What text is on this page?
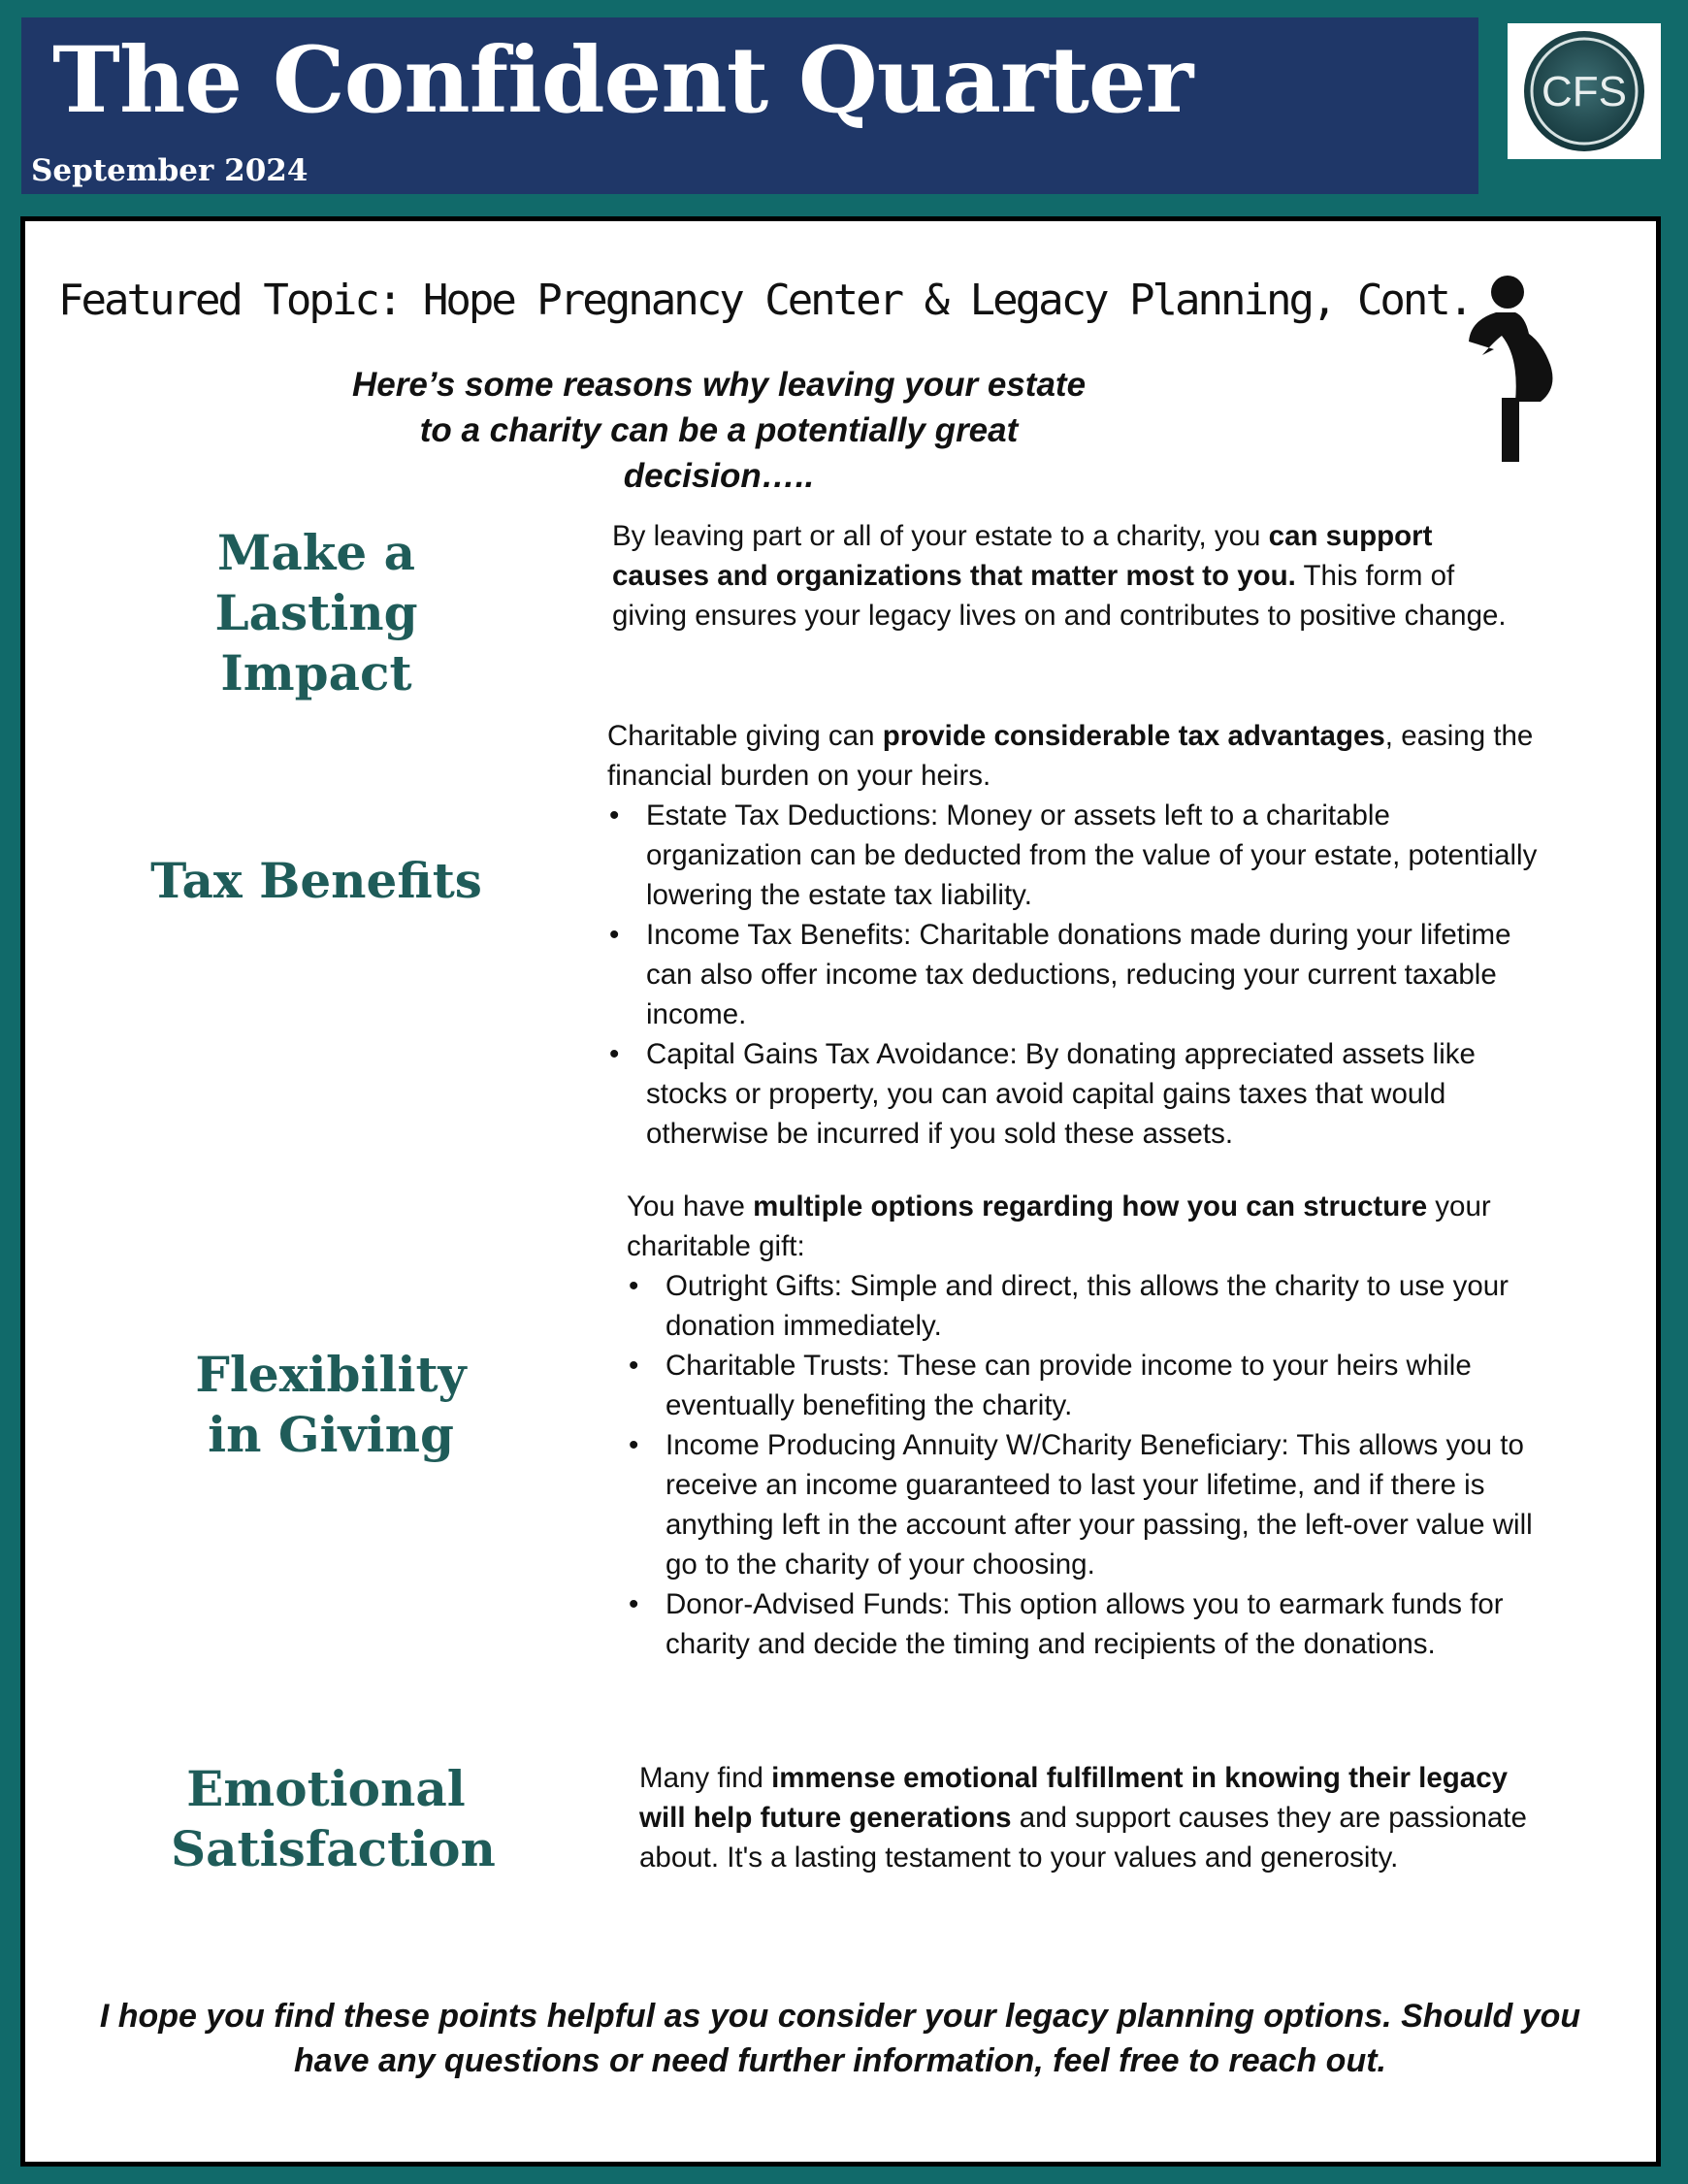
The Confident Quarter
September 2024
CFS
Featured Topic: Hope Pregnancy Center & Legacy Planning, Cont.
Here’s some reasons why leaving your estate to a charity can be a potentially great decision…..
Make a Lasting Impact

By leaving part or all of your estate to a charity, you can support causes and organizations that matter most to you. This form of giving ensures your legacy lives on and contributes to positive change.

Tax Benefits

Charitable giving can provide considerable tax advantages, easing the financial burden on your heirs.

• Estate Tax Deductions: Money or assets left to a charitable organization can be deducted from the value of your estate, potentially lowering the estate tax liability.
• Income Tax Benefits: Charitable donations made during your lifetime can also offer income tax deductions, reducing your current taxable income.
• Capital Gains Tax Avoidance: By donating appreciated assets like stocks or property, you can avoid capital gains taxes that would otherwise be incurred if you sold these assets.
Flexibility in Giving

You have multiple options regarding how you can structure your charitable gift:

• Outright Gifts: Simple and direct, this allows the charity to use your donation immediately.
• Charitable Trusts: These can provide income to your heirs while eventually benefiting the charity.
• Income Producing Annuity W/Charity Beneficiary: This allows you to receive an income guaranteed to last your lifetime, and if there is anything left in the account after your passing, the left-over value will go to the charity of your choosing.
• Donor-Advised Funds: This option allows you to earmark funds for charity and decide the timing and recipients of the donations.
Emotional Satisfaction

Many find immense emotional fulfillment in knowing their legacy will help future generations and support causes they are passionate about. It's a lasting testament to your values and generosity.

I hope you find these points helpful as you consider your legacy planning options. Should you have any questions or need further information, feel free to reach out.
